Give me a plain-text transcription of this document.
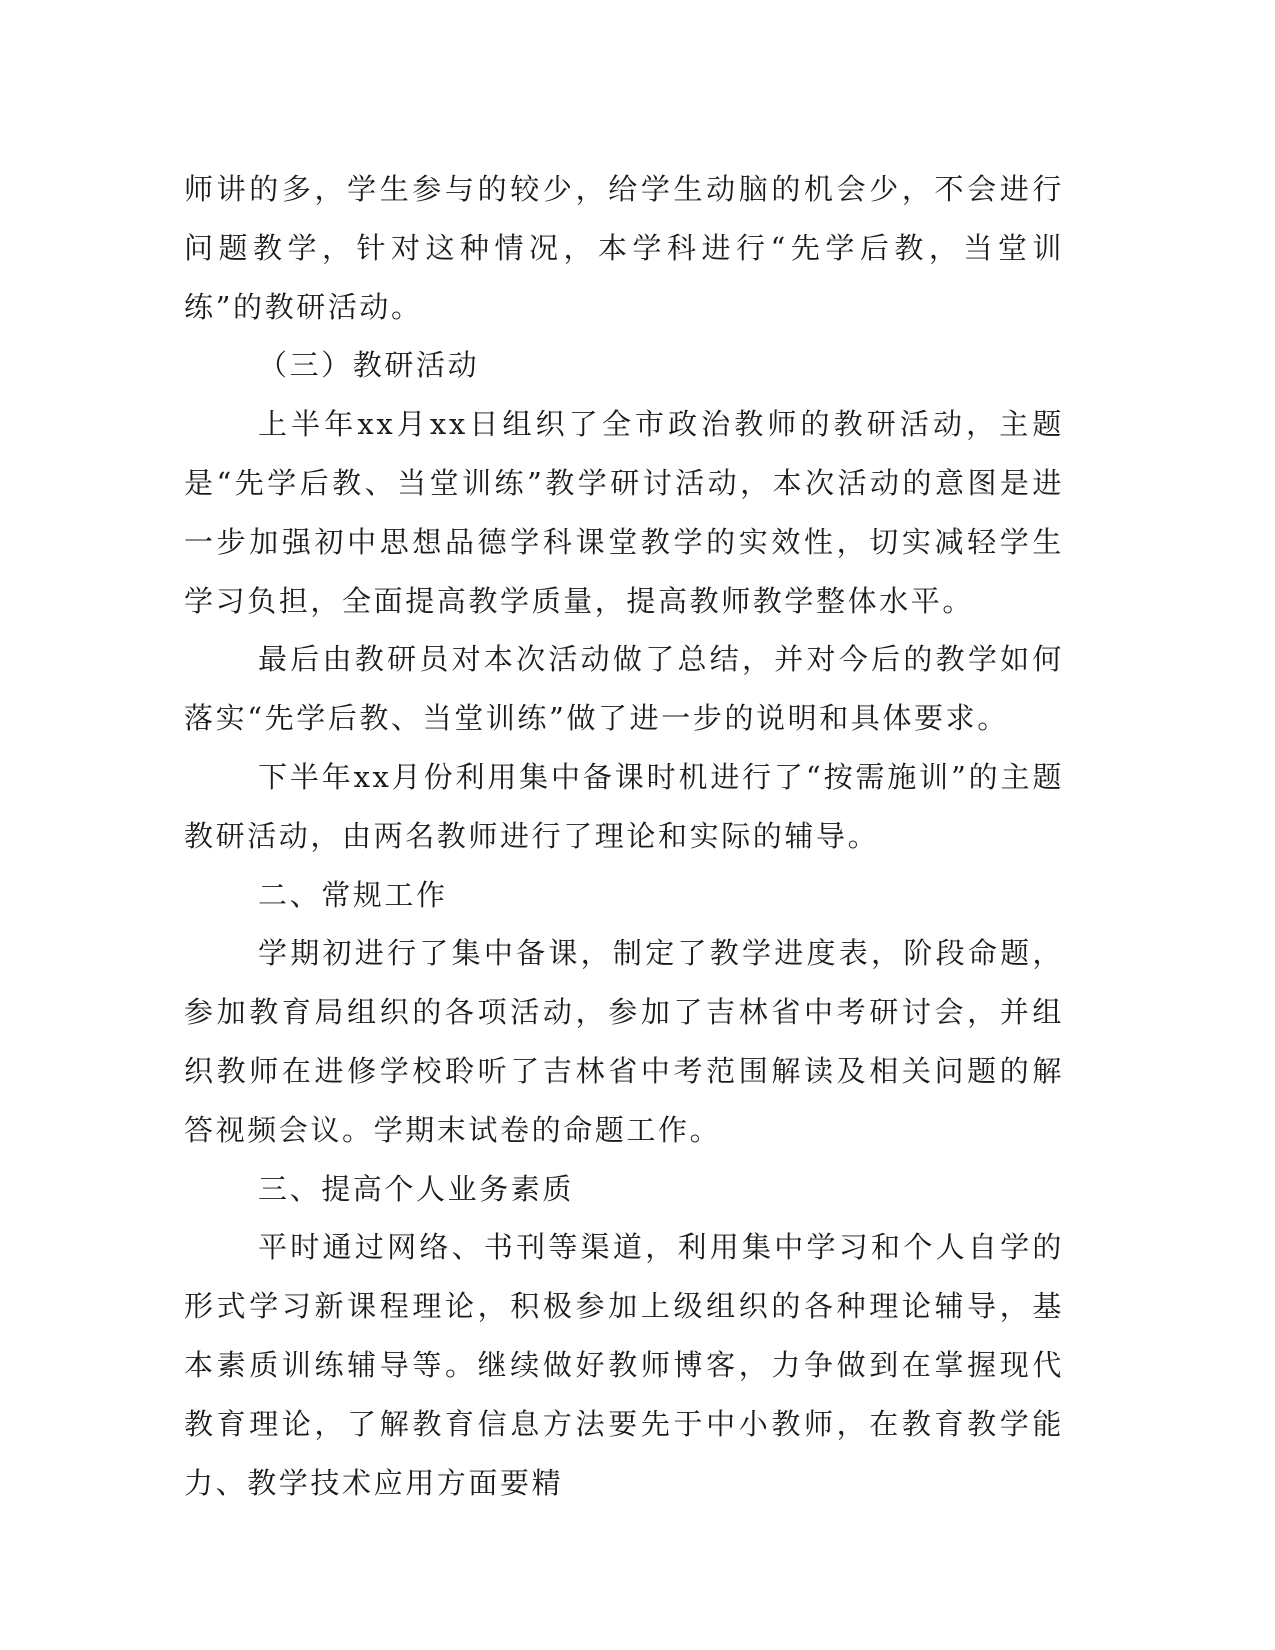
师讲的多，学生参与的较少，给学生动脑的机会少，不会进行问题教学，针对这种情况，本学科进行“先学后教，当堂训练”的教研活动。

（三）教研活动

上半年xx月xx日组织了全市政治教师的教研活动，主题是“先学后教、当堂训练”教学研讨活动，本次活动的意图是进一步加强初中思想品德学科课堂教学的实效性，切实减轻学生学习负担，全面提高教学质量，提高教师教学整体水平。

最后由教研员对本次活动做了总结，并对今后的教学如何落实“先学后教、当堂训练”做了进一步的说明和具体要求。

下半年xx月份利用集中备课时机进行了“按需施训”的主题教研活动，由两名教师进行了理论和实际的辅导。

二、常规工作

学期初进行了集中备课，制定了教学进度表，阶段命题，参加教育局组织的各项活动，参加了吉林省中考研讨会，并组织教师在进修学校聆听了吉林省中考范围解读及相关问题的解答视频会议。学期末试卷的命题工作。

三、提高个人业务素质

平时通过网络、书刊等渠道，利用集中学习和个人自学的形式学习新课程理论，积极参加上级组织的各种理论辅导，基本素质训练辅导等。继续做好教师博客，力争做到在掌握现代教育理论，了解教育信息方法要先于中小教师，在教育教学能力、教学技术应用方面要精
